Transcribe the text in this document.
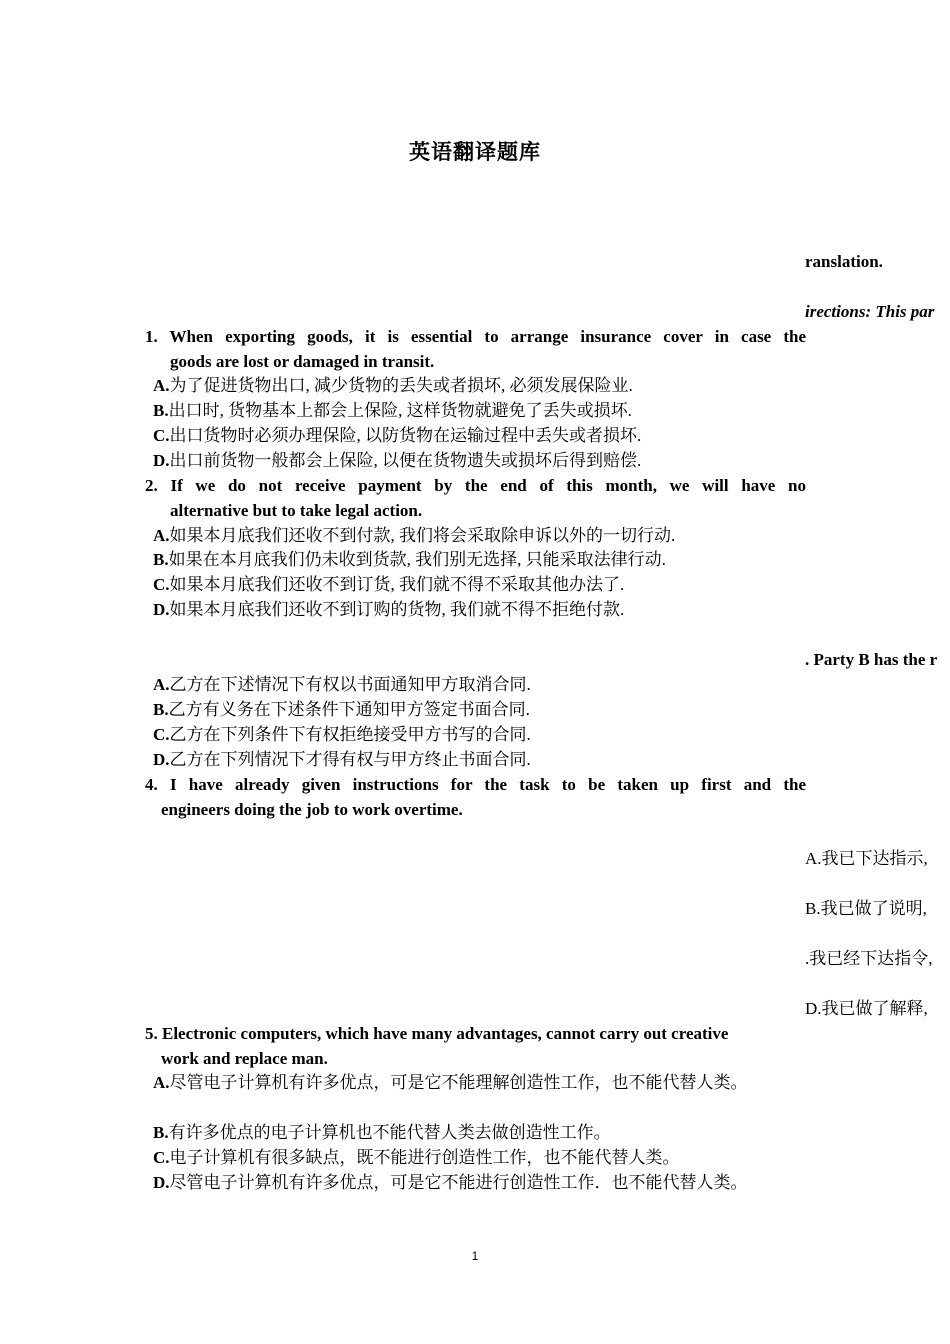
英语翻译题库
ranslation.
irections: This par
1. When exporting goods, it is essential to arrange insurance cover in case the
goods are lost or damaged in transit.
A.为了促进货物出口, 减少货物的丢失或者损坏, 必须发展保险业.
B.出口时, 货物基本上都会上保险, 这样货物就避免了丢失或损坏.
C.出口货物时必须办理保险, 以防货物在运输过程中丢失或者损坏.
D.出口前货物一般都会上保险, 以便在货物遗失或损坏后得到赔偿.
2. If we do not receive payment by the end of this month, we will have no
alternative but to take legal action.
A.如果本月底我们还收不到付款, 我们将会采取除申诉以外的一切行动.
B.如果在本月底我们仍未收到货款, 我们别无选择, 只能采取法律行动.
C.如果本月底我们还收不到订货, 我们就不得不采取其他办法了.
D.如果本月底我们还收不到订购的货物, 我们就不得不拒绝付款.
. Party B has the r
A.乙方在下述情况下有权以书面通知甲方取消合同.
B.乙方有义务在下述条件下通知甲方签定书面合同.
C.乙方在下列条件下有权拒绝接受甲方书写的合同.
D.乙方在下列情况下才得有权与甲方终止书面合同.
4. I have already given instructions for the task to be taken up first and the
engineers doing the job to work overtime.
A.我已下达指示,
B.我已做了说明,
.我已经下达指令,
D.我已做了解释,
5. Electronic computers, which have many advantages, cannot carry out creative
work and replace man.
A.尽管电子计算机有许多优点，可是它不能理解创造性工作，也不能代替人类。
B.有许多优点的电子计算机也不能代替人类去做创造性工作。
C.电子计算机有很多缺点，既不能进行创造性工作，也不能代替人类。
D.尽管电子计算机有许多优点，可是它不能进行创造性工作．也不能代替人类。
1
